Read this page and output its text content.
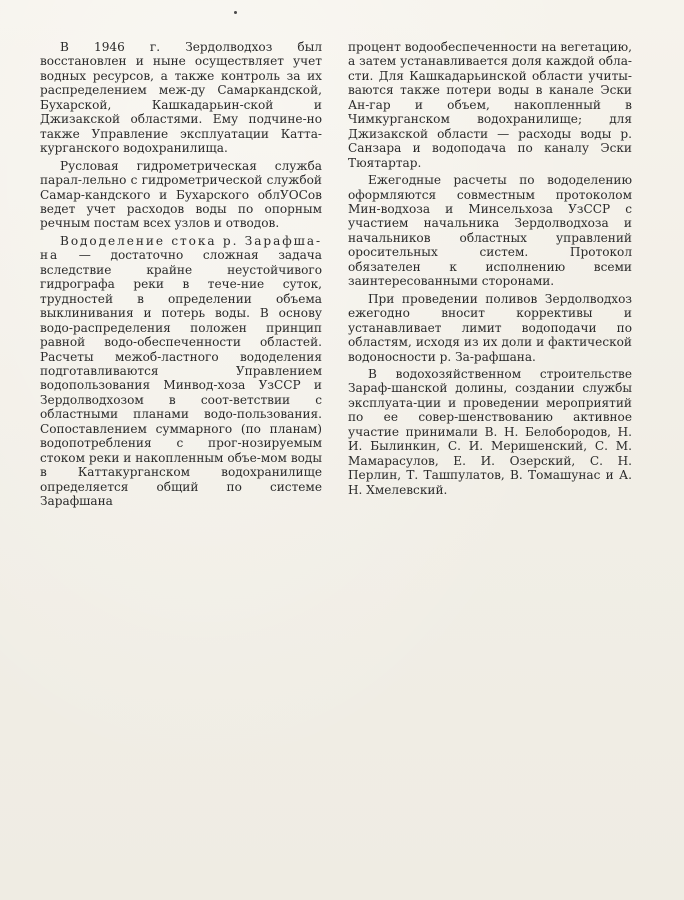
В 1946 г. Зердолводхоз был восстановлен и ныне осуществляет учет водных ресурсов, а также контроль за их распределением меж-ду Самаркандской, Бухарской, Кашкадарьин-ской и Джизакской областями. Ему подчине-но также Управление эксплуатации Катта-курганского водохранилища.

Русловая гидрометрическая служба парал-лельно с гидрометрической службой Самар-кандского и Бухарского облУОСов ведет учет расходов воды по опорным речным постам всех узлов и отводов.

Вододеление стока р. Зарафша-на — достаточно сложная задача вследствие крайне неустойчивого гидрографа реки в тече-ние суток, трудностей в определении объема выклинивания и потерь воды. В основу водо-распределения положен принцип равной водо-обеспеченности областей. Расчеты межоб-ластного вододеления подготавливаются Управлением водопользования Минвод-хоза УзССР и Зердолводхозом в соот-ветствии с областными планами водо-пользования. Сопоставлением суммарного (по планам) водопотребления с прог-нозируемым стоком реки и накопленным объе-мом воды в Каттакурганском водохранилище определяется общий по системе Зарафшана

процент водообеспеченности на вегетацию, а затем устанавливается доля каждой обла-сти. Для Кашкадарьинской области учиты-ваются также потери воды в канале Эски Ан-гар и объем, накопленный в Чимкурганском водохранилище; для Джизакской области — расходы воды р. Санзара и водоподача по каналу Эски Тюятартар.

Ежегодные расчеты по вододелению оформляются совместным протоколом Мин-водхоза и Минсельхоза УзССР с участием начальника Зердолводхоза и начальников областных управлений оросительных систем. Протокол обязателен к исполнению всеми заинтересованными сторонами.

При проведении поливов Зердолводхоз ежегодно вносит коррективы и устанавливает лимит водоподачи по областям, исходя из их доли и фактической водоносности р. За-рафшана.

В водохозяйственном строительстве Зараф-шанской долины, создании службы эксплуата-ции и проведении мероприятий по ее совер-шенствованию активное участие принимали В. Н. Белобородов, Н. И. Былинкин, С. И. Меришенский, С. М. Мамарасулов, Е. И. Озерский, С. Н. Перлин, Т. Ташпулатов, В. Томашунас и А. Н. Хмелевский.
